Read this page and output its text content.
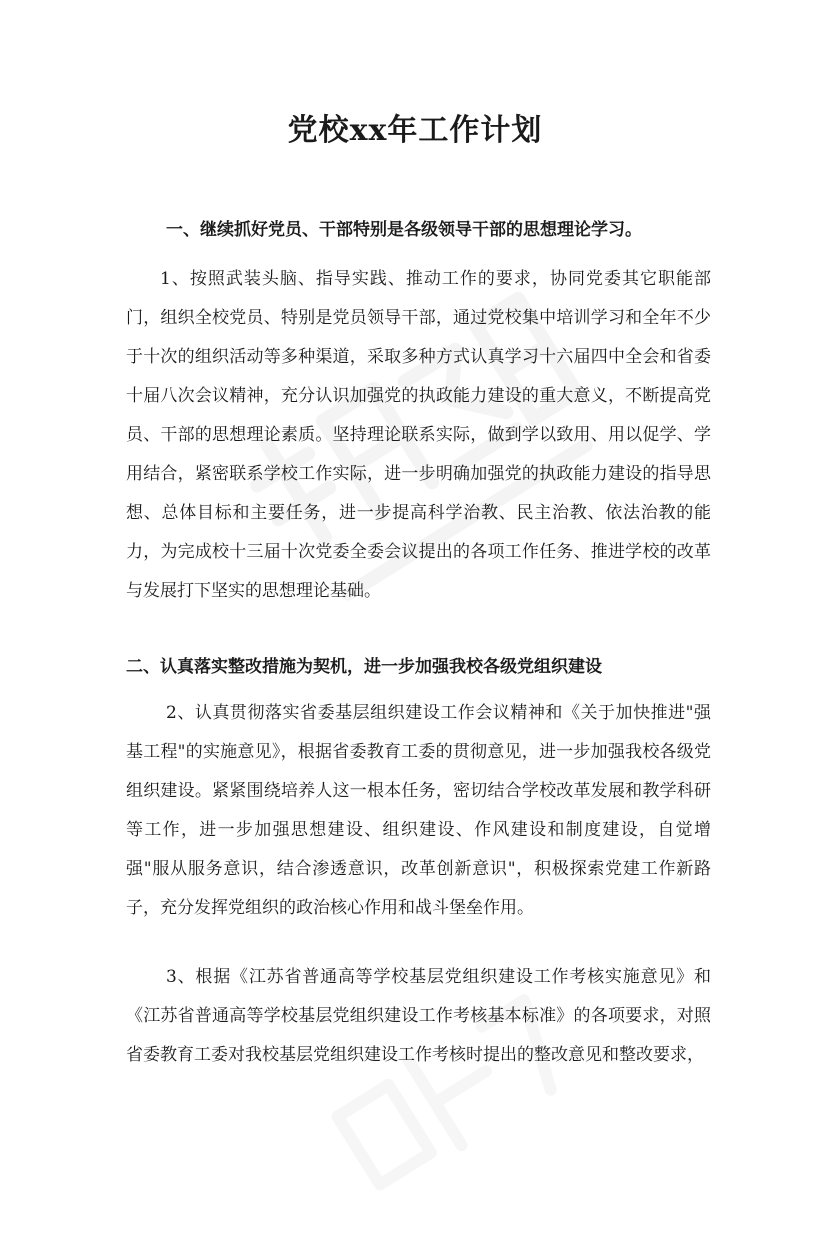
党校xx年工作计划
一、继续抓好党员、干部特别是各级领导干部的思想理论学习。
1、按照武装头脑、指导实践、推动工作的要求，协同党委其它职能部门，组织全校党员、特别是党员领导干部，通过党校集中培训学习和全年不少于十次的组织活动等多种渠道，采取多种方式认真学习十六届四中全会和省委十届八次会议精神，充分认识加强党的执政能力建设的重大意义，不断提高党员、干部的思想理论素质。坚持理论联系实际，做到学以致用、用以促学、学用结合，紧密联系学校工作实际，进一步明确加强党的执政能力建设的指导思想、总体目标和主要任务，进一步提高科学治教、民主治教、依法治教的能力，为完成校十三届十次党委全委会议提出的各项工作任务、推进学校的改革与发展打下坚实的思想理论基础。
二、认真落实整改措施为契机，进一步加强我校各级党组织建设
2、认真贯彻落实省委基层组织建设工作会议精神和《关于加快推进"强基工程"的实施意见》，根据省委教育工委的贯彻意见，进一步加强我校各级党组织建设。紧紧围绕培养人这一根本任务，密切结合学校改革发展和教学科研等工作，进一步加强思想建设、组织建设、作风建设和制度建设，自觉增强"服从服务意识，结合渗透意识，改革创新意识"，积极探索党建工作新路子，充分发挥党组织的政治核心作用和战斗堡垒作用。
3、根据《江苏省普通高等学校基层党组织建设工作考核实施意见》和《江苏省普通高等学校基层党组织建设工作考核基本标准》的各项要求，对照省委教育工委对我校基层党组织建设工作考核时提出的整改意见和整改要求，
